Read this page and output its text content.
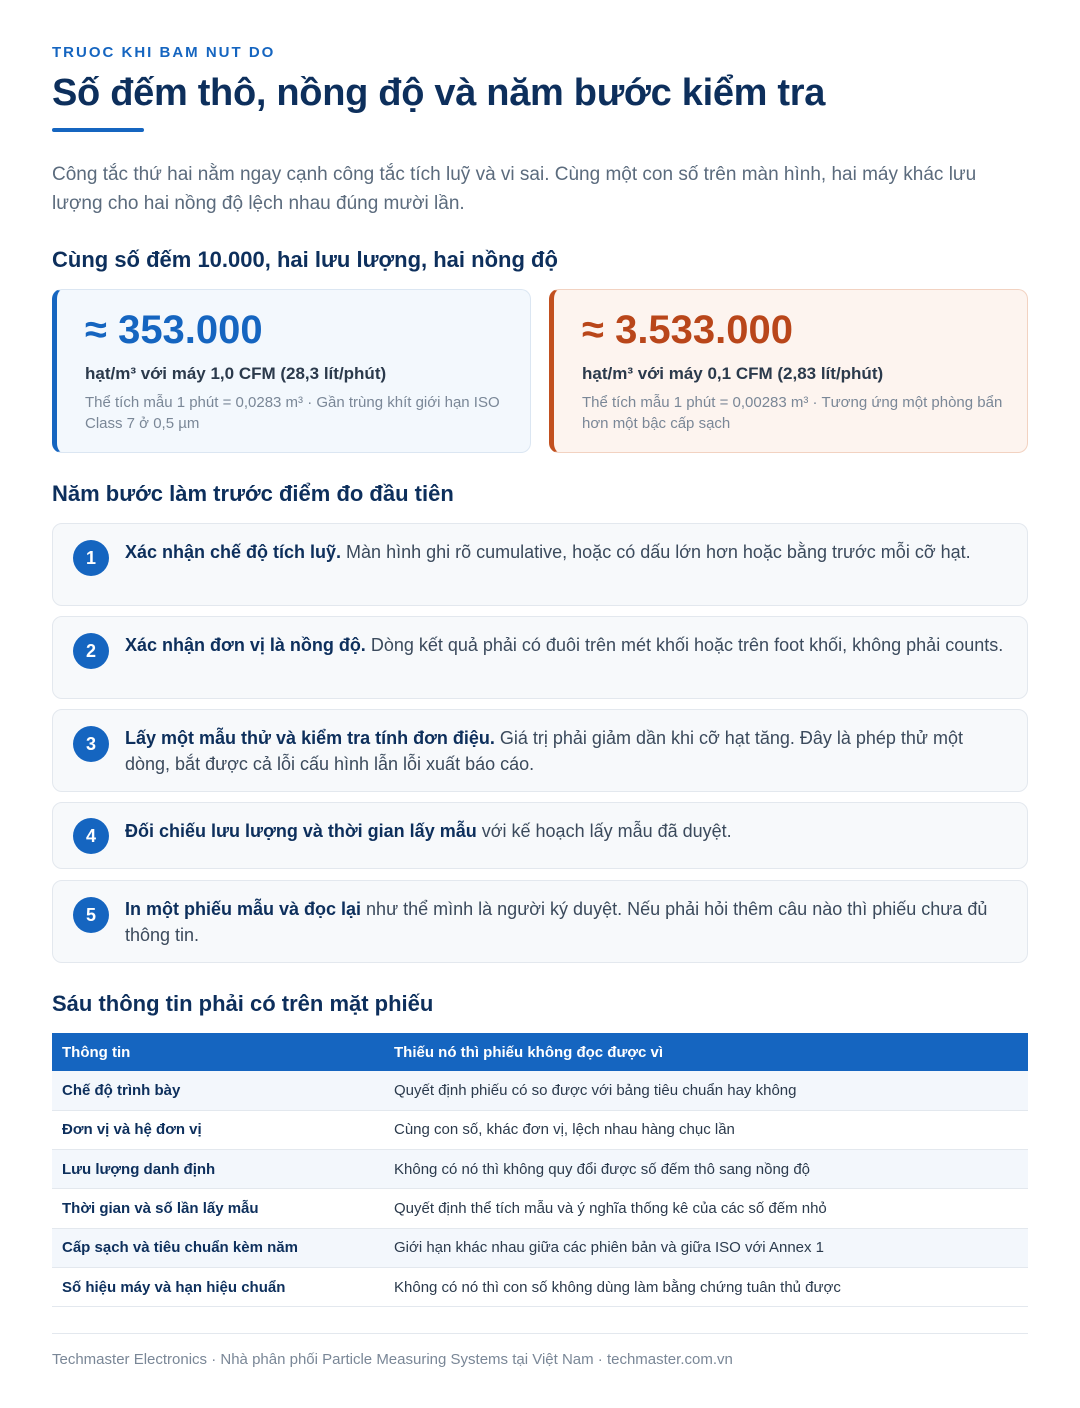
TRUOC KHI BAM NUT DO
Số đếm thô, nồng độ và năm bước kiểm tra

Công tắc thứ hai nằm ngay cạnh công tắc tích luỹ và vi sai. Cùng một con số trên màn hình, hai máy khác lưu lượng cho hai nồng độ lệch nhau đúng mười lần.

Cùng số đếm 10.000, hai lưu lượng, hai nồng độ
≈ 353.000
hạt/m³ với máy 1,0 CFM (28,3 lít/phút)
Thể tích mẫu 1 phút = 0,0283 m³ · Gần trùng khít giới hạn ISO Class 7 ở 0,5 µm
≈ 3.533.000
hạt/m³ với máy 0,1 CFM (2,83 lít/phút)
Thể tích mẫu 1 phút = 0,00283 m³ · Tương ứng một phòng bẩn hơn một bậc cấp sạch
Năm bước làm trước điểm đo đầu tiên
1	Xác nhận chế độ tích luỹ. Màn hình ghi rõ cumulative, hoặc có dấu lớn hơn hoặc bằng trước mỗi cỡ hạt.
2	Xác nhận đơn vị là nồng độ. Dòng kết quả phải có đuôi trên mét khối hoặc trên foot khối, không phải counts.
3	Lấy một mẫu thử và kiểm tra tính đơn điệu. Giá trị phải giảm dần khi cỡ hạt tăng. Đây là phép thử một dòng, bắt được cả lỗi cấu hình lẫn lỗi xuất báo cáo.
4	Đối chiếu lưu lượng và thời gian lấy mẫu với kế hoạch lấy mẫu đã duyệt.
5	In một phiếu mẫu và đọc lại như thể mình là người ký duyệt. Nếu phải hỏi thêm câu nào thì phiếu chưa đủ thông tin.
Sáu thông tin phải có trên mặt phiếu
Thông tin	Thiếu nó thì phiếu không đọc được vì
Chế độ trình bày	Quyết định phiếu có so được với bảng tiêu chuẩn hay không
Đơn vị và hệ đơn vị	Cùng con số, khác đơn vị, lệch nhau hàng chục lần
Lưu lượng danh định	Không có nó thì không quy đổi được số đếm thô sang nồng độ
Thời gian và số lần lấy mẫu	Quyết định thể tích mẫu và ý nghĩa thống kê của các số đếm nhỏ
Cấp sạch và tiêu chuẩn kèm năm	Giới hạn khác nhau giữa các phiên bản và giữa ISO với Annex 1
Số hiệu máy và hạn hiệu chuẩn	Không có nó thì con số không dùng làm bằng chứng tuân thủ được
Techmaster Electronics · Nhà phân phối Particle Measuring Systems tại Việt Nam · techmaster.com.vn
